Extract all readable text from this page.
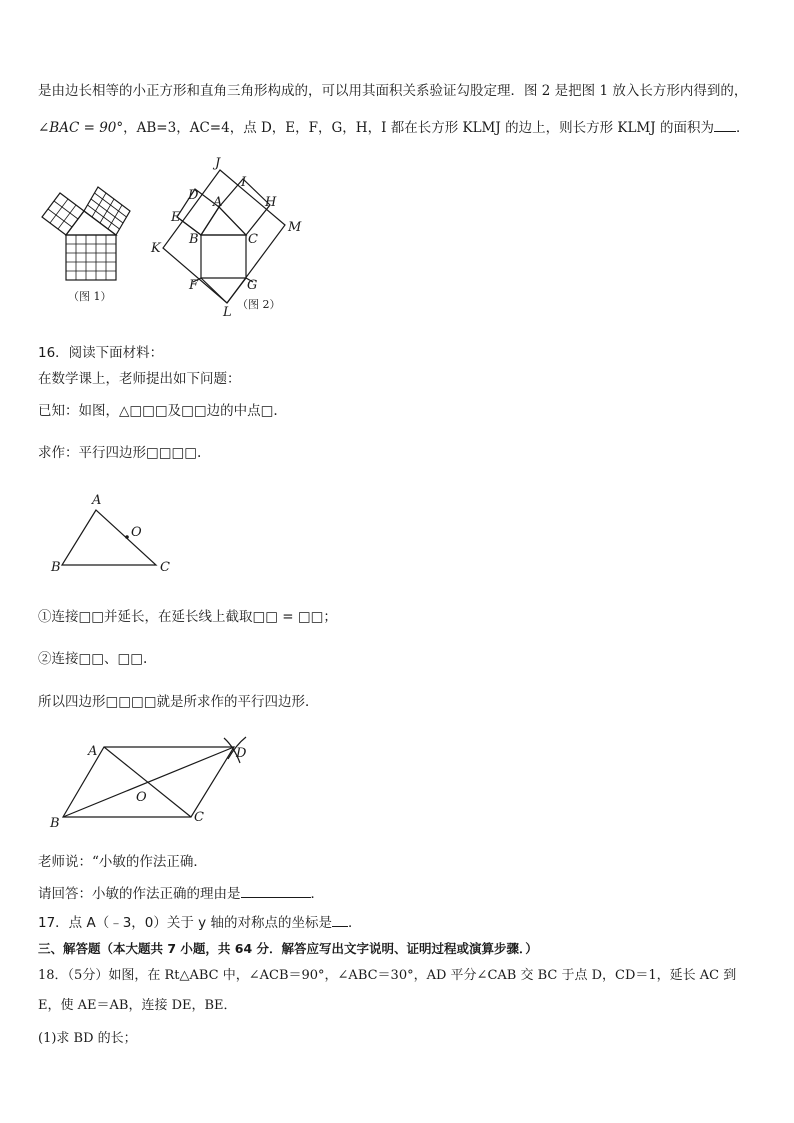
是由边长相等的小正方形和直角三角形构成的，可以用其面积关系验证勾股定理．图 2 是把图 1 放入长方形内得到的，
∠BAC = 90°，AB=3，AC=4，点 D，E，F，G，H，I 都在长方形 KLMJ 的边上，则长方形 KLMJ 的面积为 ．
（图 1）
J
I
D A	H
E
M
B	C
K
F	G
L
（图 2）
16．阅读下面材料：
在数学课上，老师提出如下问题：
已知：如图，△□□□及□□边的中点□.
求作：平行四边形□□□□.
A
O
B	C
①连接□□并延长，在延长线上截取□□ = □□；
②连接□□、□□.
所以四边形□□□□就是所求作的平行四边形．
A	D
O
B	C
老师说：“小敏的作法正确．
请回答：小敏的作法正确的理由是	．
17．点 A（﹣3，0）关于 y 轴的对称点的坐标是 ．
三、解答题（本大题共 7 小题，共 64 分．解答应写出文字说明、证明过程或演算步骤．）
18．（5分）如图，在 Rt△ABC 中，∠ACB＝90°，∠ABC＝30°，AD 平分∠CAB 交 BC 于点 D，CD＝1，延长 AC 到
E，使 AE＝AB，连接 DE，BE．
(1)求 BD 的长；
